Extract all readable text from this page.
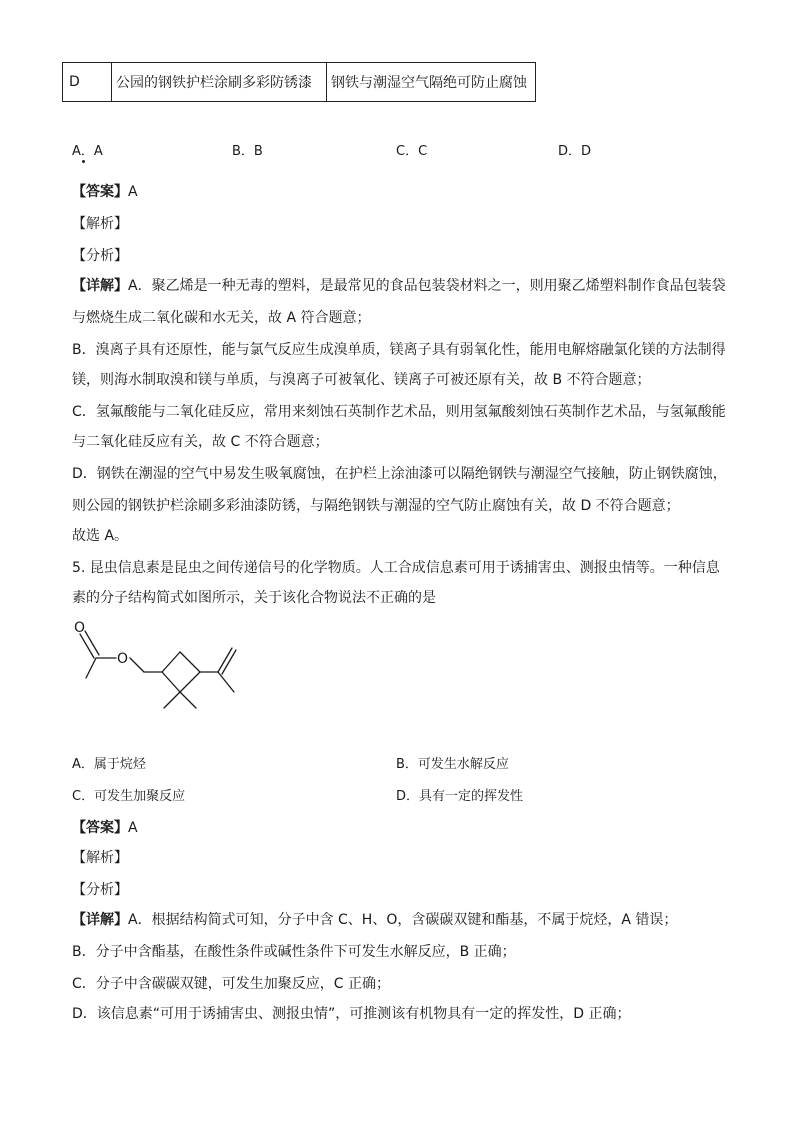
D	公园的钢铁护栏涂刷多彩防锈漆	钢铁与潮湿空气隔绝可防止腐蚀
A．A	B．B	C．C	D．D
【答案】A
【解析】
【分析】
【详解】A．聚乙烯是一种无毒的塑料，是最常见的食品包装袋材料之一，则用聚乙烯塑料制作食品包装袋
与燃烧生成二氧化碳和水无关，故 A 符合题意；
B．溴离子具有还原性，能与氯气反应生成溴单质，镁离子具有弱氧化性，能用电解熔融氯化镁的方法制得
镁，则海水制取溴和镁与单质，与溴离子可被氧化、镁离子可被还原有关，故 B 不符合题意；
C．氢氟酸能与二氧化硅反应，常用来刻蚀石英制作艺术品，则用氢氟酸刻蚀石英制作艺术品，与氢氟酸能
与二氧化硅反应有关，故 C 不符合题意；
D．钢铁在潮湿的空气中易发生吸氧腐蚀，在护栏上涂油漆可以隔绝钢铁与潮湿空气接触，防止钢铁腐蚀，
则公园的钢铁护栏涂刷多彩油漆防锈，与隔绝钢铁与潮湿的空气防止腐蚀有关，故 D 不符合题意；
故选 A。
5. 昆虫信息素是昆虫之间传递信号的化学物质。人工合成信息素可用于诱捕害虫、测报虫情等。一种信息
素的分子结构简式如图所示，关于该化合物说法不正确的是
O
O
A．属于烷烃	B．可发生水解反应
C．可发生加聚反应	D．具有一定的挥发性
【答案】A
【解析】
【分析】
【详解】A．根据结构简式可知，分子中含 C、H、O，含碳碳双键和酯基，不属于烷烃，A 错误；
B．分子中含酯基，在酸性条件或碱性条件下可发生水解反应，B 正确；
C．分子中含碳碳双键，可发生加聚反应，C 正确；
D．该信息素“可用于诱捕害虫、测报虫情”，可推测该有机物具有一定的挥发性，D 正确；
